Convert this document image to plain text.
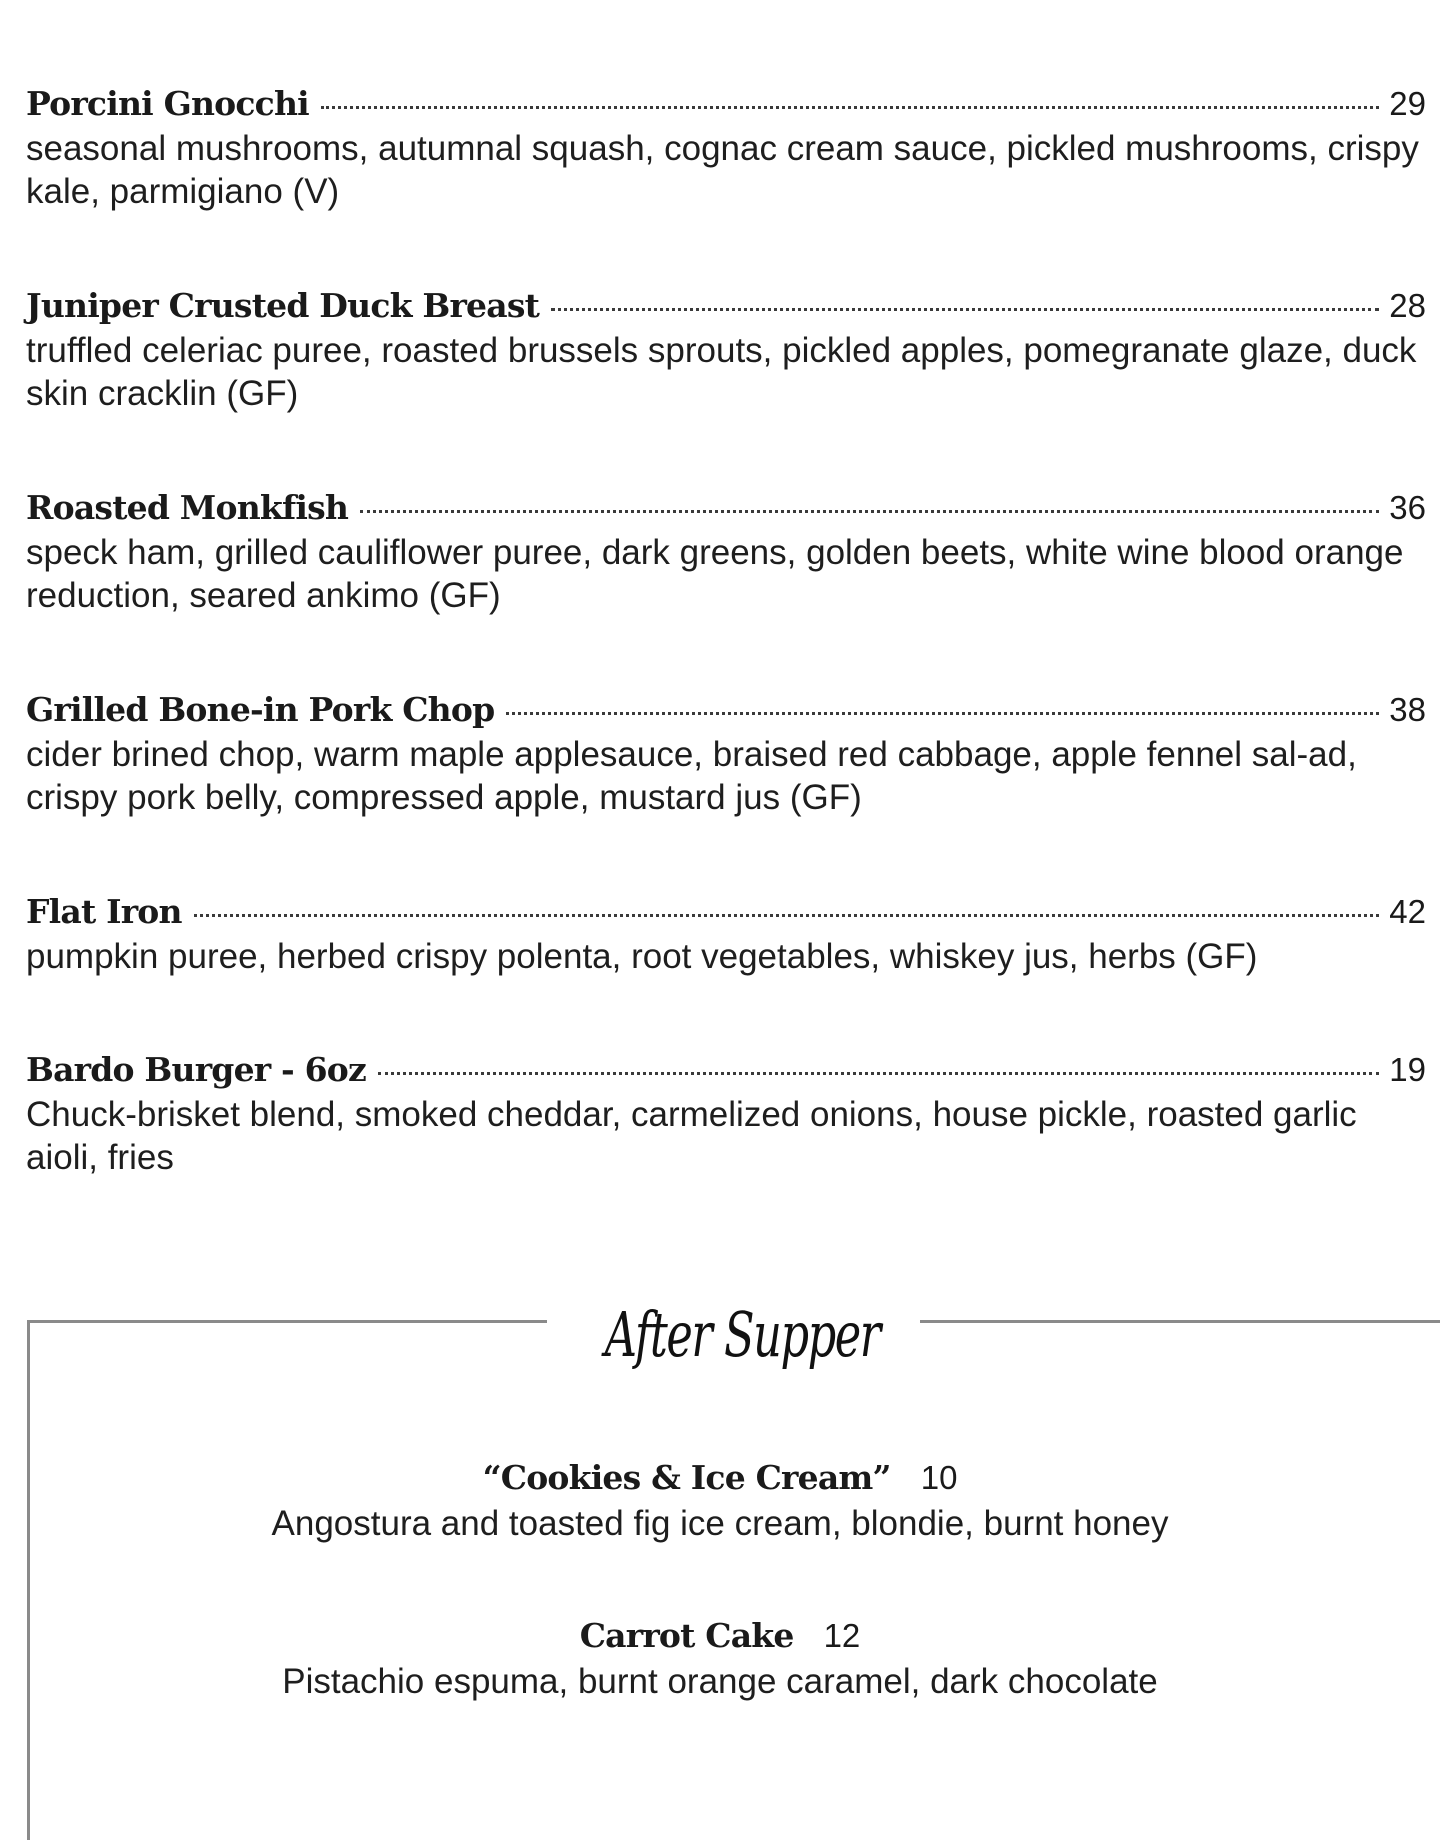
Porcini Gnocchi	29
seasonal mushrooms, autumnal squash, cognac cream sauce, pickled mushrooms, crispy kale, parmigiano (V)
Juniper Crusted Duck Breast	28
truffled celeriac puree, roasted brussels sprouts, pickled apples, pomegranate glaze, duck skin cracklin (GF)
Roasted Monkfish	36
speck ham, grilled cauliflower puree, dark greens, golden beets, white wine blood orange reduction, seared ankimo (GF)
Grilled Bone-in Pork Chop	38
cider brined chop, warm maple applesauce, braised red cabbage, apple fennel sal-ad, crispy pork belly, compressed apple, mustard jus (GF)
Flat Iron	42
pumpkin puree, herbed crispy polenta, root vegetables, whiskey jus, herbs (GF)
Bardo Burger - 6oz	19
Chuck-brisket blend, smoked cheddar, carmelized onions, house pickle, roasted garlic aioli, fries
After Supper
“Cookies & Ice Cream” 10
Angostura and toasted fig ice cream, blondie, burnt honey
Carrot Cake 12
Pistachio espuma, burnt orange caramel, dark chocolate
